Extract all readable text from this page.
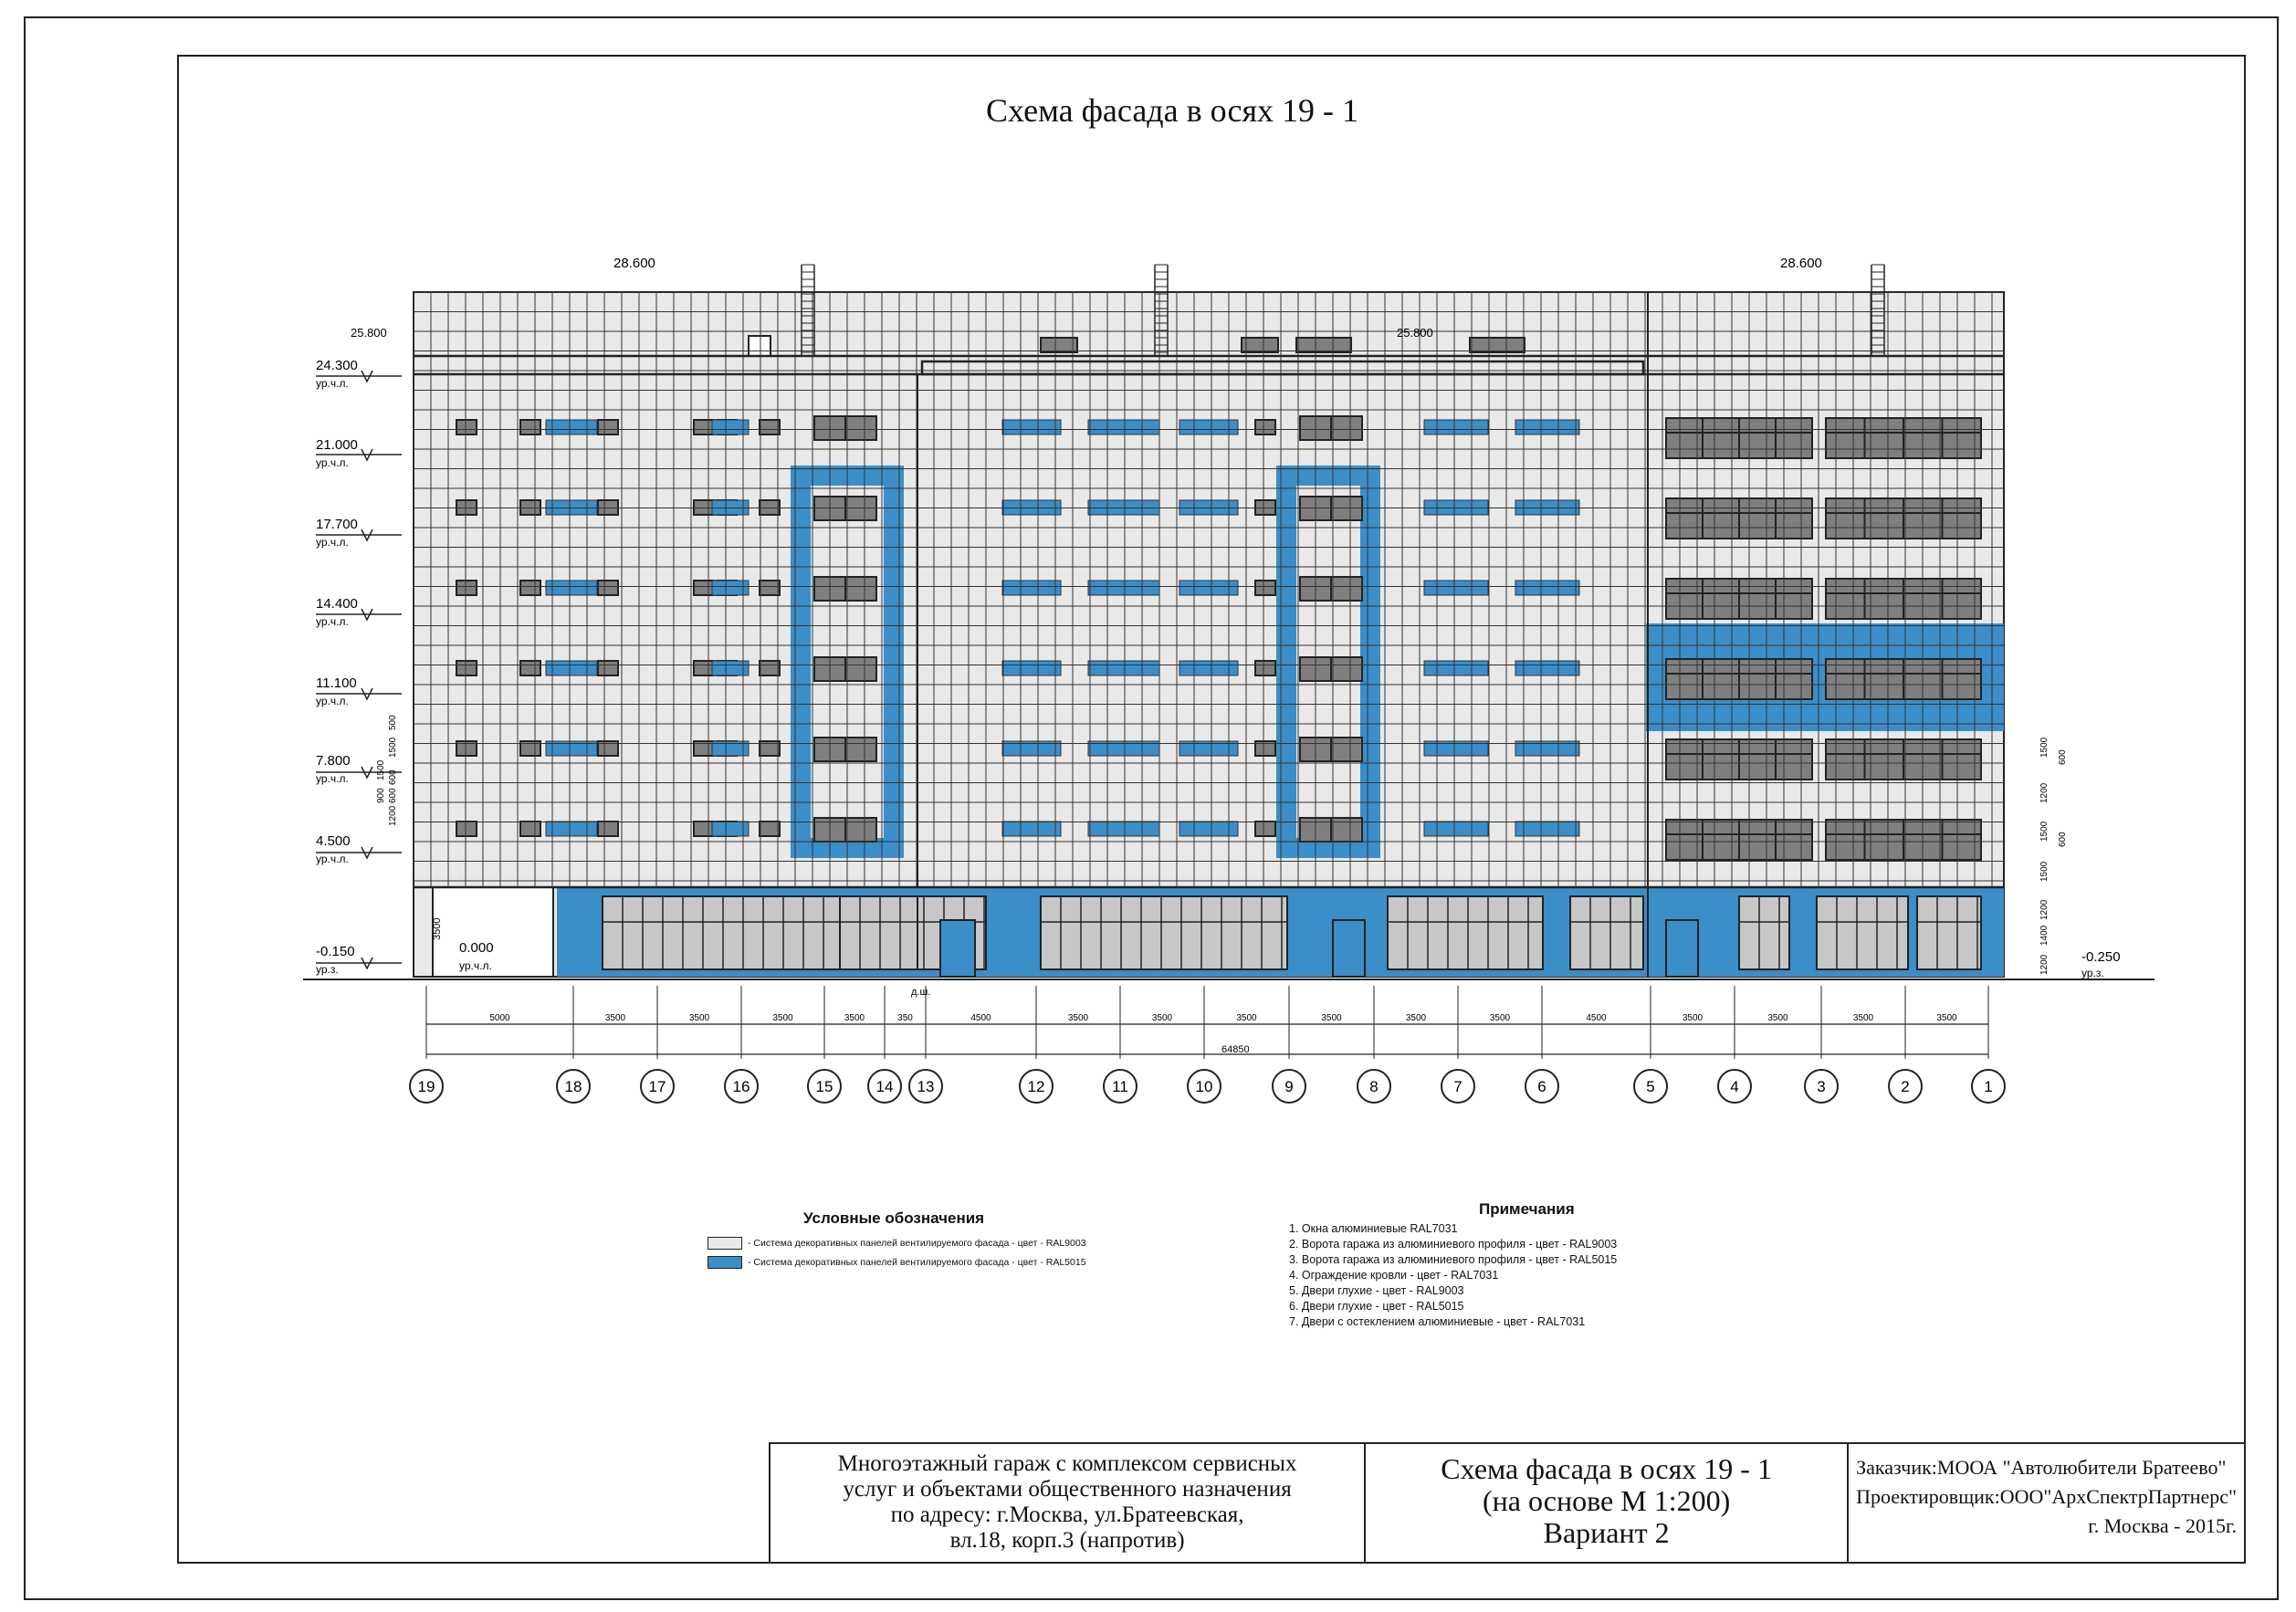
Схема фасада в осях 19 - 1
5000	3500	3500	3500	3500	350	4500	3500	3500	3500	3500	3500	3500	4500	3500	3500	3500	3500
24.300
ур.ч.л.
21.000
ур.ч.л.
17.700
ур.ч.л.
14.400
ур.ч.л.
11.100
ур.ч.л.
7.800
ур.ч.л.
4.500
ур.ч.л.
-0.150
ур.з.
25.800	25.800
28.600	28.600
0.000
ур.ч.л.
-0.250
ур.з.
д.ш.
64850
3500
500
1500
1500 600
900 600
1200
1500 600
1200
1500 600
1500
1200
1400
1200
19	18	17	16	15	14 13	12	11	10	9	8	7	6	5	4	3	2	1
Условные обозначения
- Система декоративных панелей вентилируемого фасада - цвет - RAL9003
- Система декоративных панелей вентилируемого фасада - цвет - RAL5015
Примечания
1. Окна алюминиевые RAL7031
2. Ворота гаража из алюминиевого профиля - цвет - RAL9003
3. Ворота гаража из алюминиевого профиля - цвет - RAL5015
4. Ограждение кровли - цвет - RAL7031
5. Двери глухие - цвет - RAL9003
6. Двери глухие - цвет - RAL5015
7. Двери с остеклением алюминиевые - цвет - RAL7031
Многоэтажный гараж с комплексом сервисных
услуг и объектами общественного назначения
по адресу: г.Москва, ул.Братеевская,
вл.18, корп.3 (напротив)
Схема фасада в осях 19 - 1
(на основе М 1:200)
Вариант 2
Заказчик:МООА "Автолюбители Братеево"
Проектировщик:ООО"АрхСпектрПартнерс"
г. Москва - 2015г.
